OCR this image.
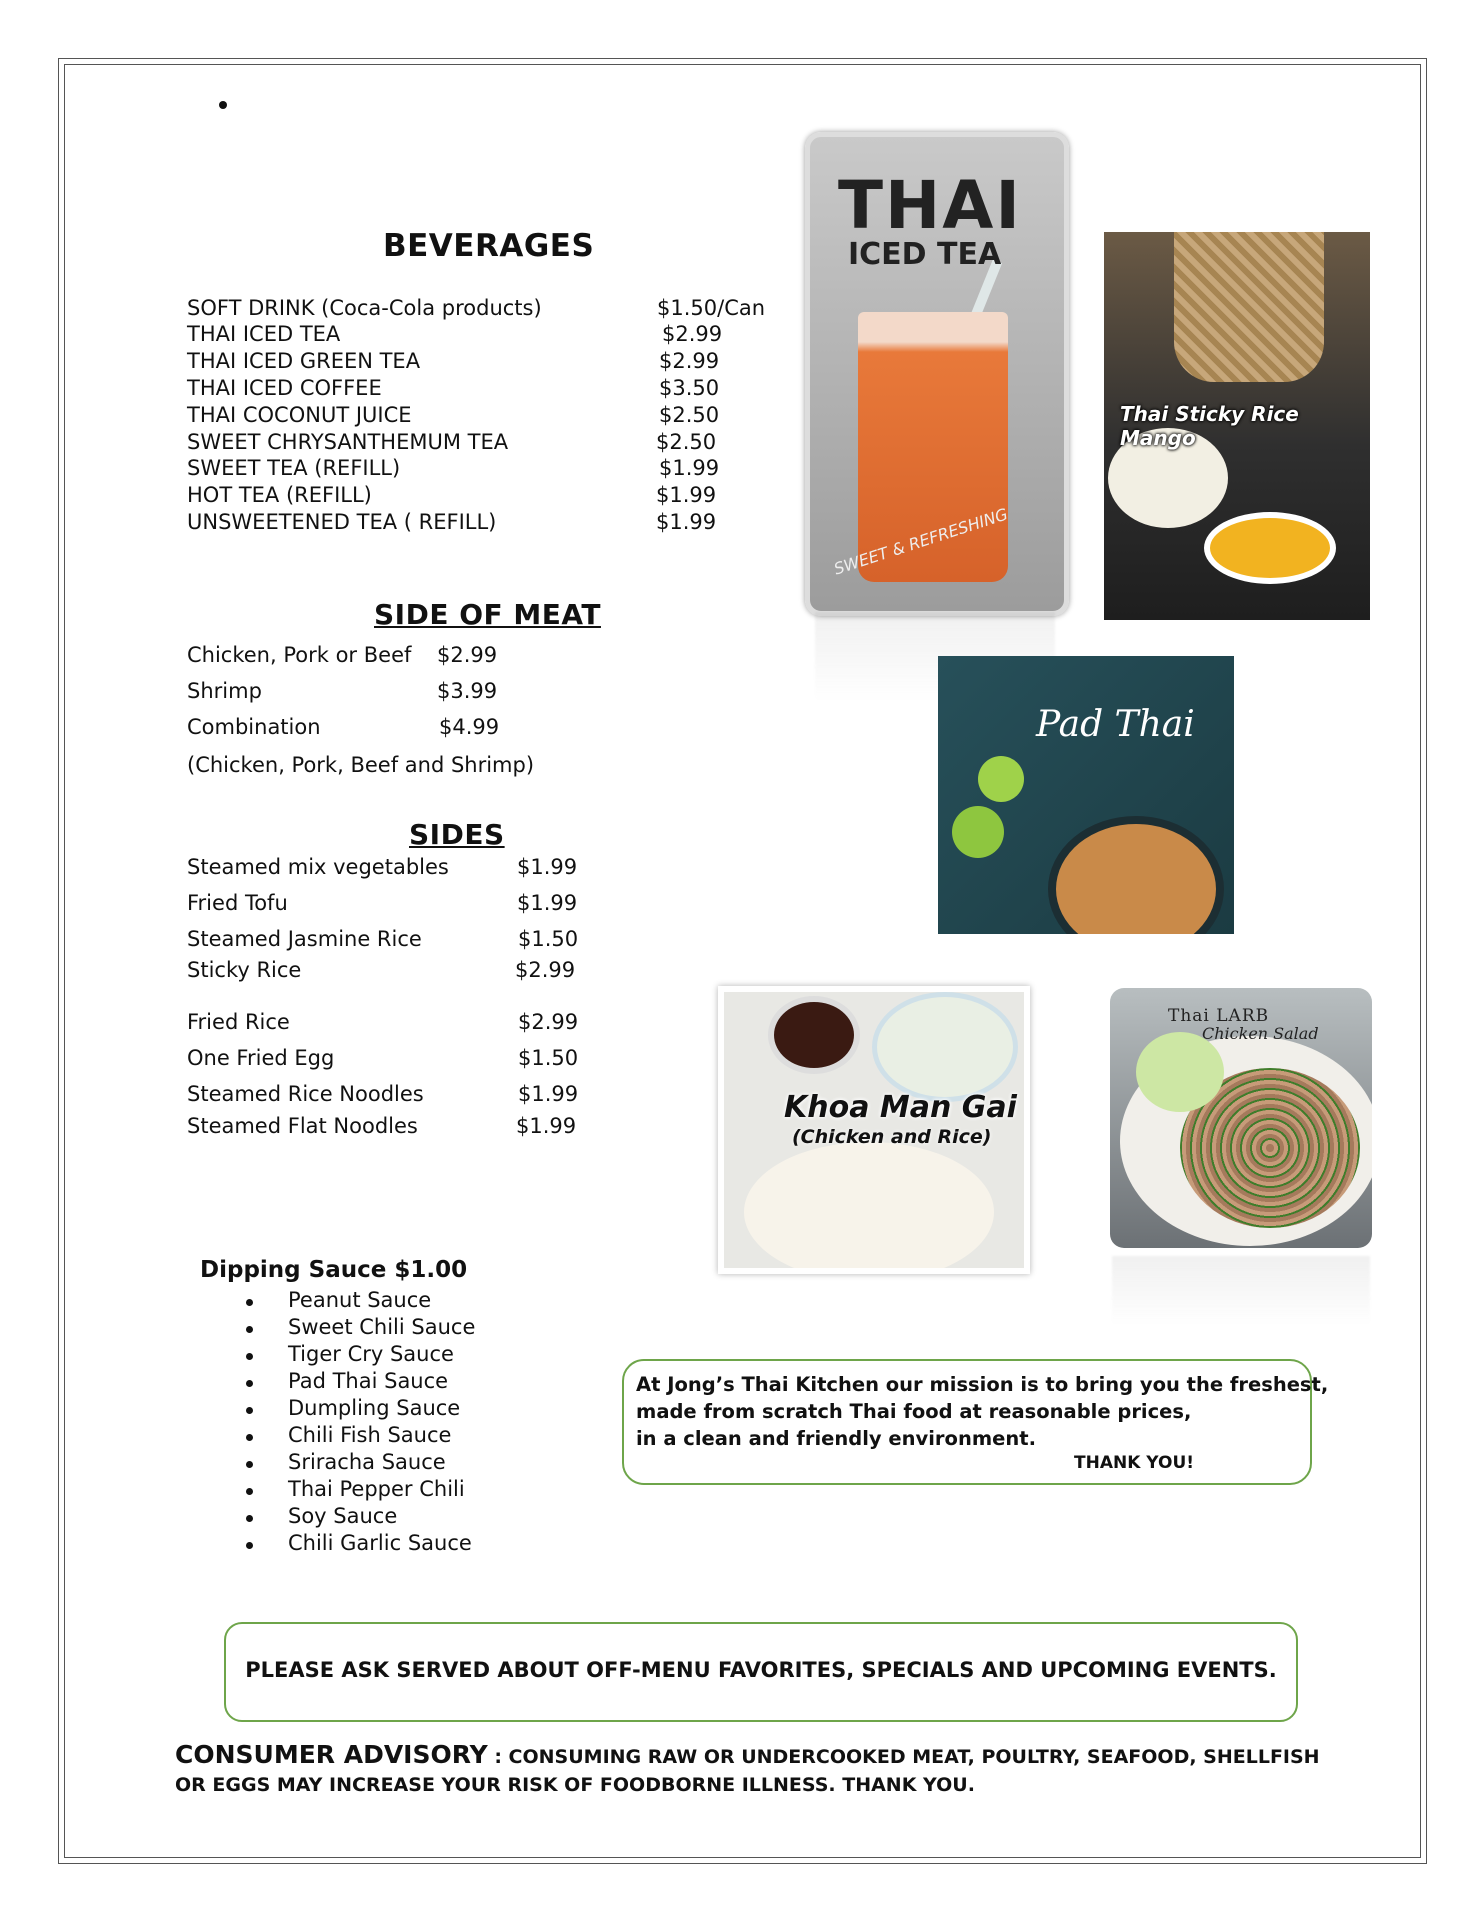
BEVERAGES
SOFT DRINK (Coca-Cola products)	$1.50/Can
THAI ICED TEA	$2.99
THAI ICED GREEN TEA	$2.99
THAI ICED COFFEE	$3.50
THAI COCONUT JUICE	$2.50
SWEET CHRYSANTHEMUM TEA	$2.50
SWEET TEA (REFILL)	$1.99
HOT TEA (REFILL)	$1.99
UNSWEETENED TEA ( REFILL)	$1.99
SIDE OF MEAT
Chicken, Pork or Beef $2.99
Shrimp	$3.99
Combination	$4.99
(Chicken, Pork, Beef and Shrimp)
SIDES
Steamed mix vegetables	$1.99
Fried Tofu	$1.99
Steamed Jasmine Rice	$1.50
Sticky Rice	$2.99
Fried Rice	$2.99
One Fried Egg	$1.50
Steamed Rice Noodles	$1.99
Steamed Flat Noodles	$1.99
Dipping Sauce $1.00
Peanut Sauce
Sweet Chili Sauce
Tiger Cry Sauce
Pad Thai Sauce
Dumpling Sauce
Chili Fish Sauce
Sriracha Sauce
Thai Pepper Chili
Soy Sauce
Chili Garlic Sauce
THAI
ICED TEA
SWEET & REFRESHING
Thai Sticky Rice Mango
Pad Thai
Khoa Man Gai
(Chicken and Rice)
Thai LARB
Chicken Salad
At Jong’s Thai Kitchen our mission is to bring you the freshest,
made from scratch Thai food at reasonable prices,
in a clean and friendly environment.
THANK YOU!
PLEASE ASK SERVED ABOUT OFF-MENU FAVORITES, SPECIALS AND UPCOMING EVENTS.
CONSUMER ADVISORY : CONSUMING RAW OR UNDERCOOKED MEAT, POULTRY, SEAFOOD, SHELLFISH
OR EGGS MAY INCREASE YOUR RISK OF FOODBORNE ILLNESS. THANK YOU.
